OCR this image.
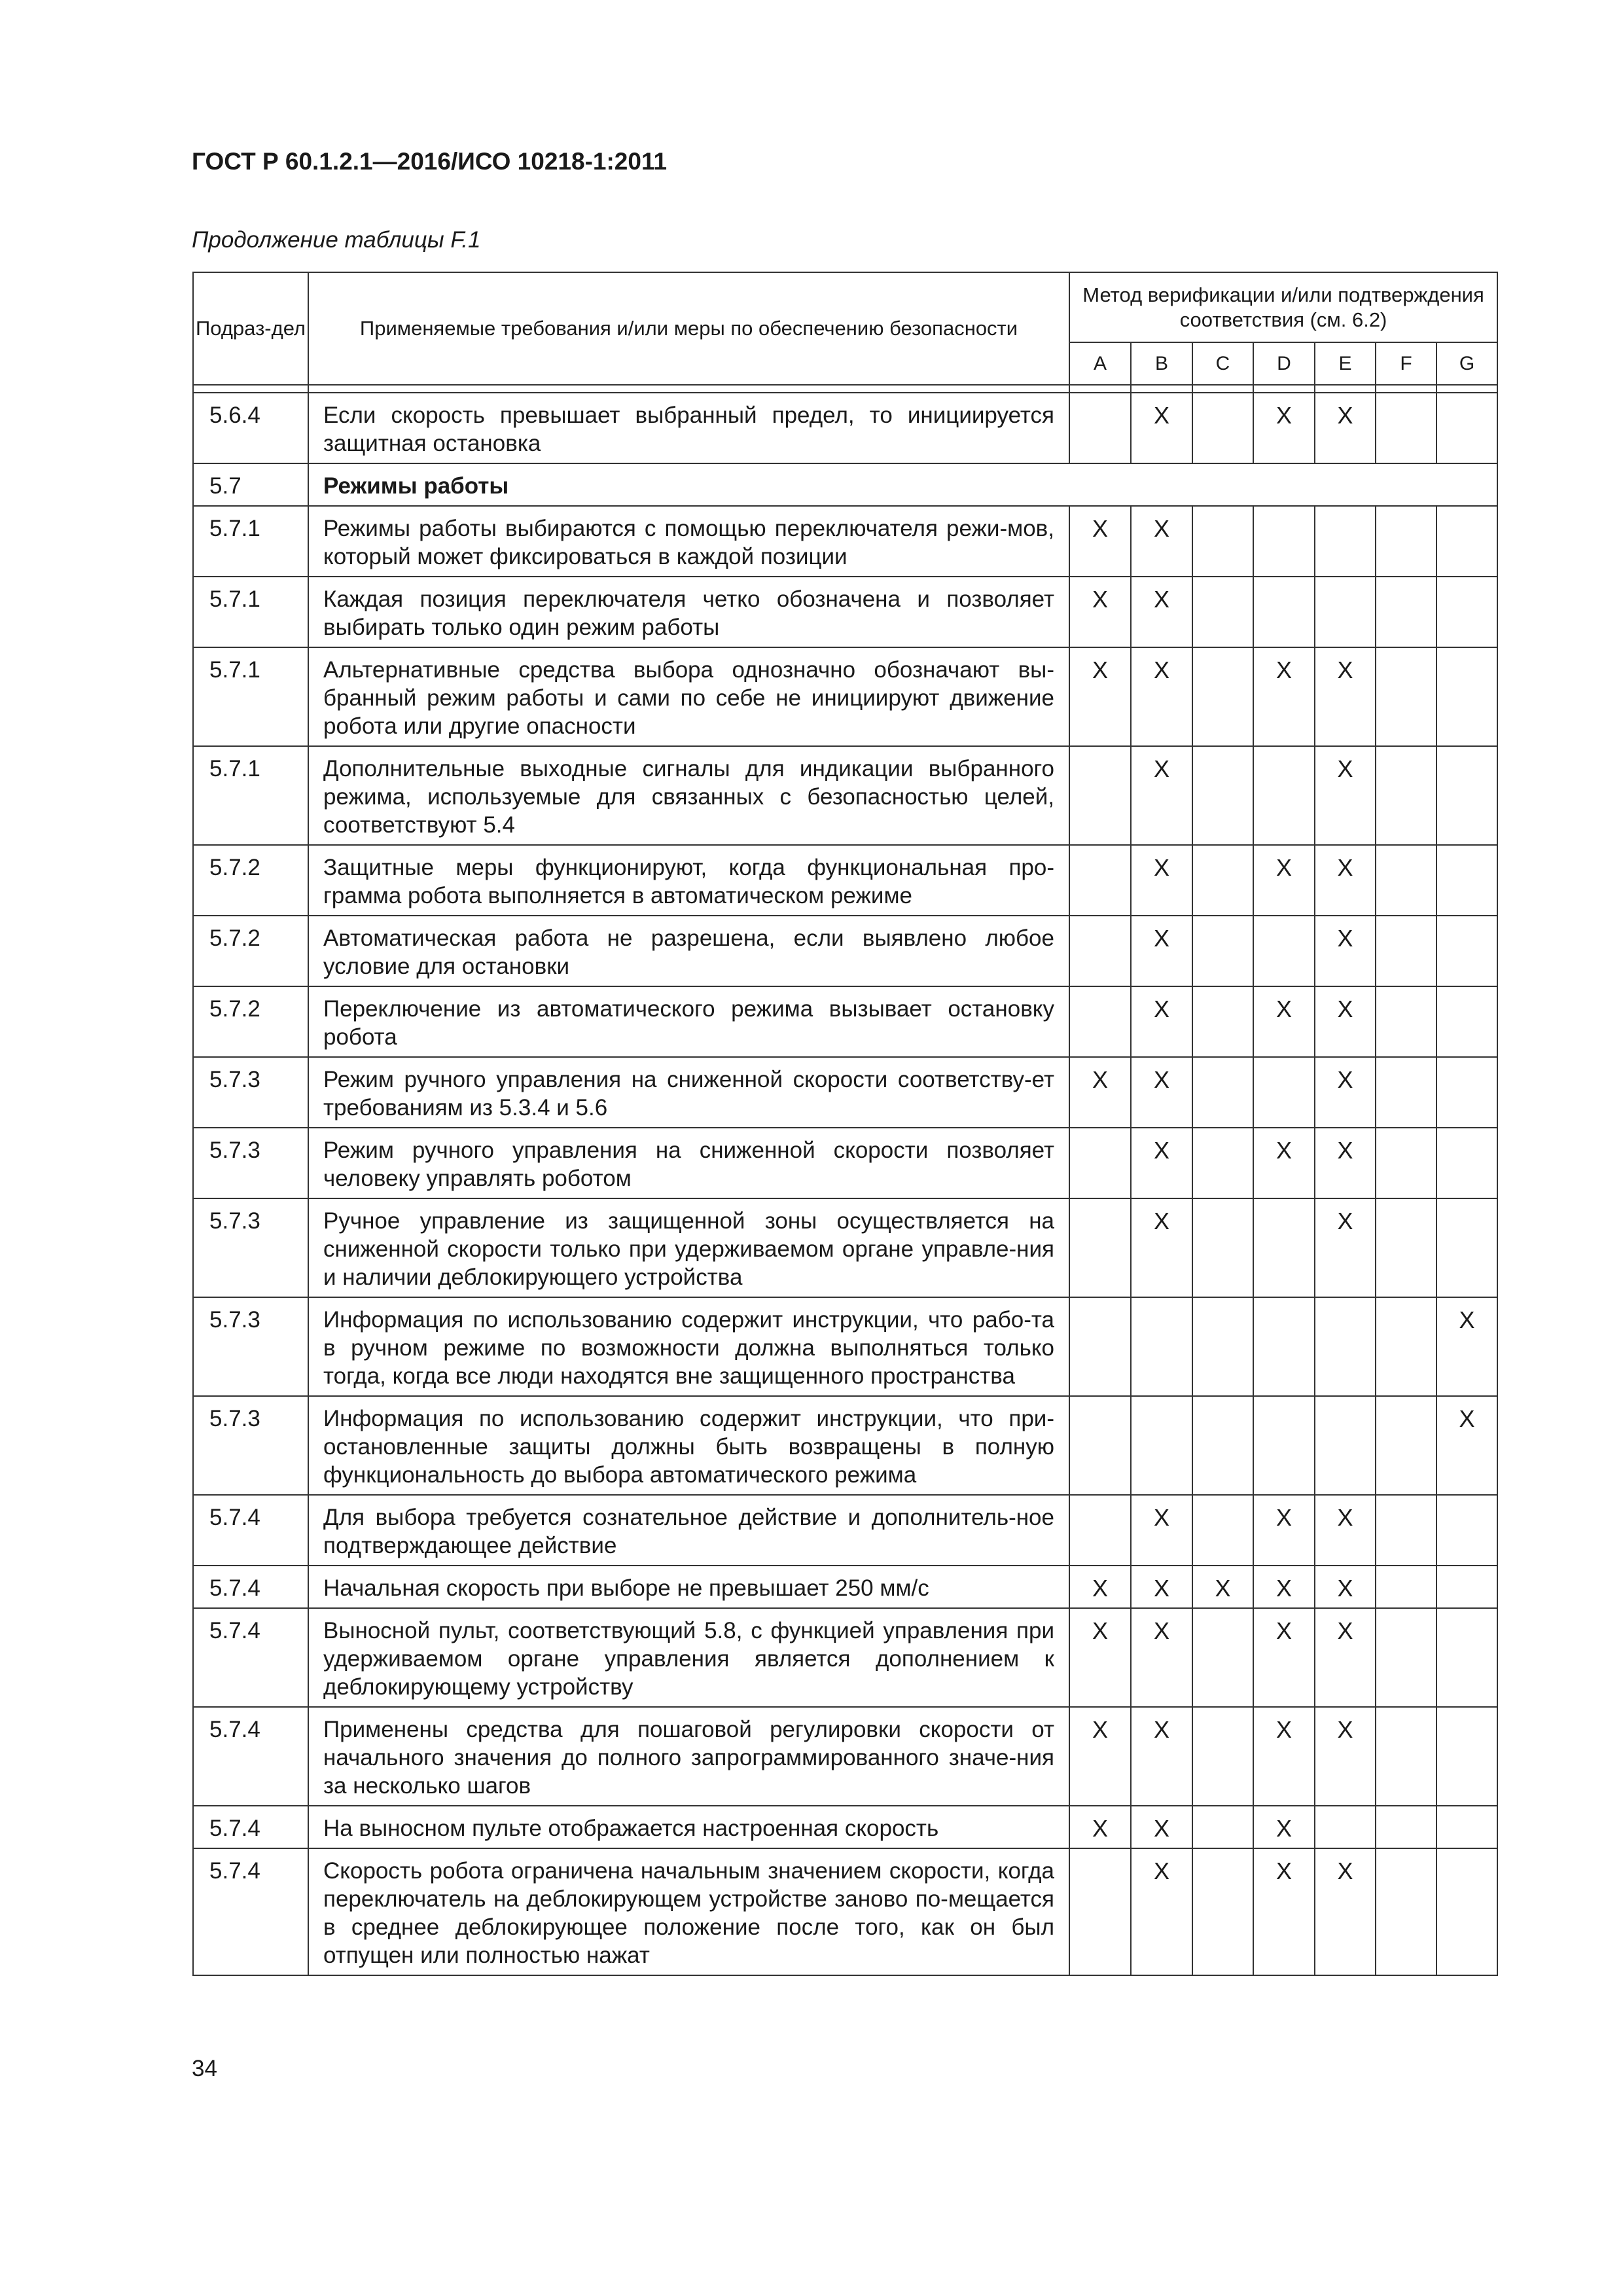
ГОСТ Р 60.1.2.1—2016/ИСО 10218-1:2011
Продолжение таблицы F.1
Подраз-дел	Применяемые требования и/или меры по обеспечению безопасности	Метод верификации и/или подтверждения соответствия (см. 6.2)						
		A	B	C	D	E	F	G

5.6.4	Если скорость превышает выбранный предел, то инициируется защитная остановка		X		X	X		
5.7	Режимы работы							
5.7.1	Режимы работы выбираются с помощью переключателя режи-мов, который может фиксироваться в каждой позиции	X	X					
5.7.1	Каждая позиция переключателя четко обозначена и позволяет выбирать только один режим работы	X	X					
5.7.1	Альтернативные средства выбора однозначно обозначают вы-бранный режим работы и сами по себе не инициируют движение робота или другие опасности	X	X		X	X		
5.7.1	Дополнительные выходные сигналы для индикации выбранного режима, используемые для связанных с безопасностью целей, соответствуют 5.4		X			X		
5.7.2	Защитные меры функционируют, когда функциональная про-грамма робота выполняется в автоматическом режиме		X		X	X		
5.7.2	Автоматическая работа не разрешена, если выявлено любое условие для остановки		X			X		
5.7.2	Переключение из автоматического режима вызывает остановку робота		X		X	X		
5.7.3	Режим ручного управления на сниженной скорости соответству-ет требованиям из 5.3.4 и 5.6	X	X			X		
5.7.3	Режим ручного управления на сниженной скорости позволяет человеку управлять роботом		X		X	X		
5.7.3	Ручное управление из защищенной зоны осуществляется на сниженной скорости только при удерживаемом органе управле-ния и наличии деблокирующего устройства		X			X		
5.7.3	Информация по использованию содержит инструкции, что рабо-та в ручном режиме по возможности должна выполняться только тогда, когда все люди находятся вне защищенного пространства							X
5.7.3	Информация по использованию содержит инструкции, что при-остановленные защиты должны быть возвращены в полную функциональность до выбора автоматического режима							X
5.7.4	Для выбора требуется сознательное действие и дополнитель-ное подтверждающее действие		X		X	X		
5.7.4	Начальная скорость при выборе не превышает 250 мм/с	X	X	X	X	X		
5.7.4	Выносной пульт, соответствующий 5.8, с функцией управления при удерживаемом органе управления является дополнением к деблокирующему устройству	X	X		X	X		
5.7.4	Применены средства для пошаговой регулировки скорости от начального значения до полного запрограммированного значе-ния за несколько шагов	X	X		X	X		
5.7.4	На выносном пульте отображается настроенная скорость	X	X		X			
5.7.4	Скорость робота ограничена начальным значением скорости, когда переключатель на деблокирующем устройстве заново по-мещается в среднее деблокирующее положение после того, как он был отпущен или полностью нажат		X		X	X		
34
